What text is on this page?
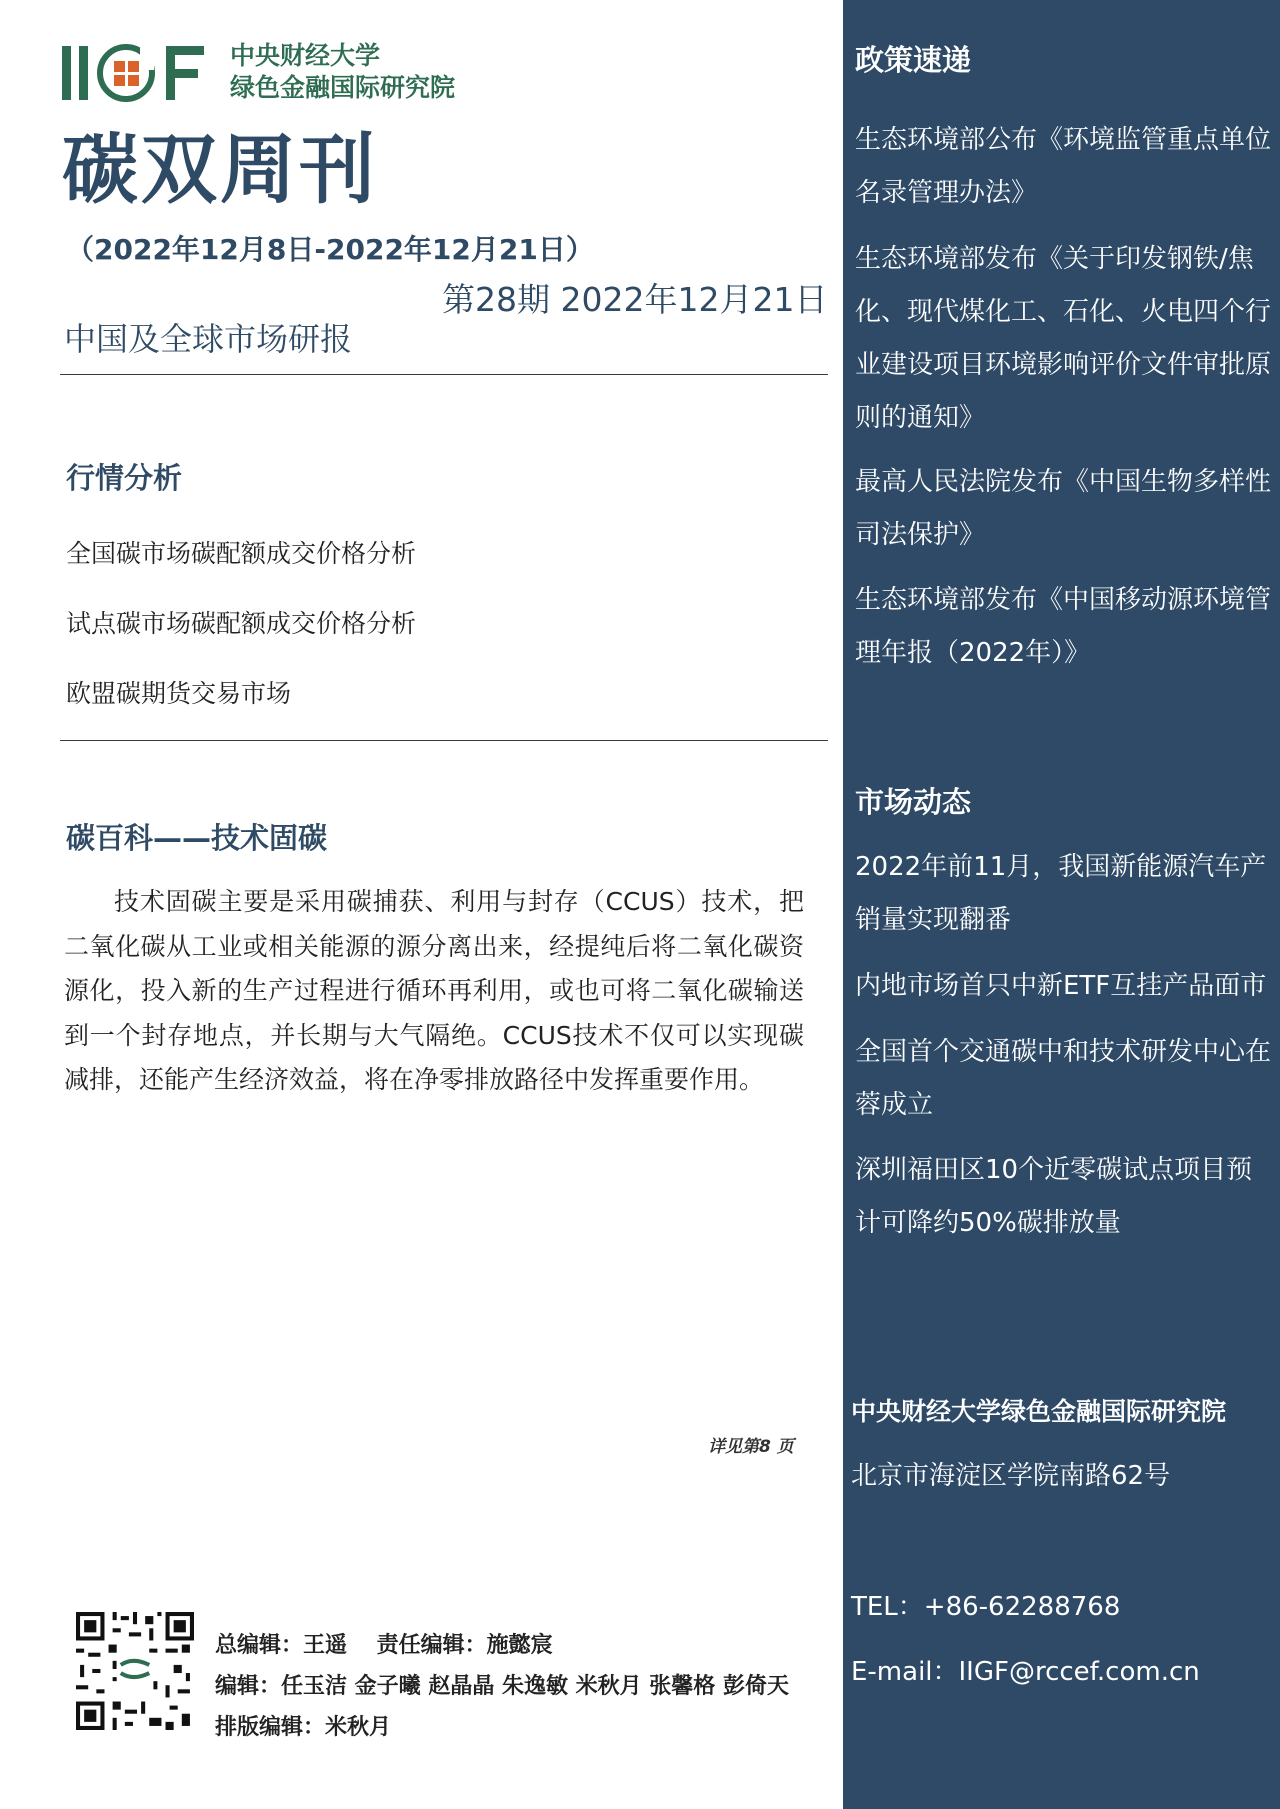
中央财经大学
绿色金融国际研究院
碳双周刊
（2022年12月8日-2022年12月21日）
第28期 2022年12月21日
中国及全球市场研报
行情分析
全国碳市场碳配额成交价格分析
试点碳市场碳配额成交价格分析
欧盟碳期货交易市场
碳百科——技术固碳

技术固碳主要是采用碳捕获、利用与封存（CCUS）技术，把二氧化碳从工业或相关能源的源分离出来，经提纯后将二氧化碳资源化，投入新的生产过程进行循环再利用，或也可将二氧化碳输送到一个封存地点，并长期与大气隔绝。CCUS技术不仅可以实现碳减排，还能产生经济效益，将在净零排放路径中发挥重要作用。

详见第8 页
总编辑：王遥　 责任编辑：施懿宸
编辑：任玉洁 金子曦 赵晶晶 朱逸敏 米秋月 张馨格 彭倚天
排版编辑：米秋月
政策速递

生态环境部公布《环境监管重点单位名录管理办法》

生态环境部发布《关于印发钢铁/焦化、现代煤化工、石化、火电四个行业建设项目环境影响评价文件审批原则的通知》

最高人民法院发布《中国生物多样性司法保护》

生态环境部发布《中国移动源环境管理年报（2022年）》

市场动态

2022年前11月，我国新能源汽车产销量实现翻番

内地市场首只中新ETF互挂产品面市

全国首个交通碳中和技术研发中心在蓉成立

深圳福田区10个近零碳试点项目预计可降约50%碳排放量

中央财经大学绿色金融国际研究院
北京市海淀区学院南路62号
TEL：+86-62288768
E-mail：IIGF@rccef.com.cn
